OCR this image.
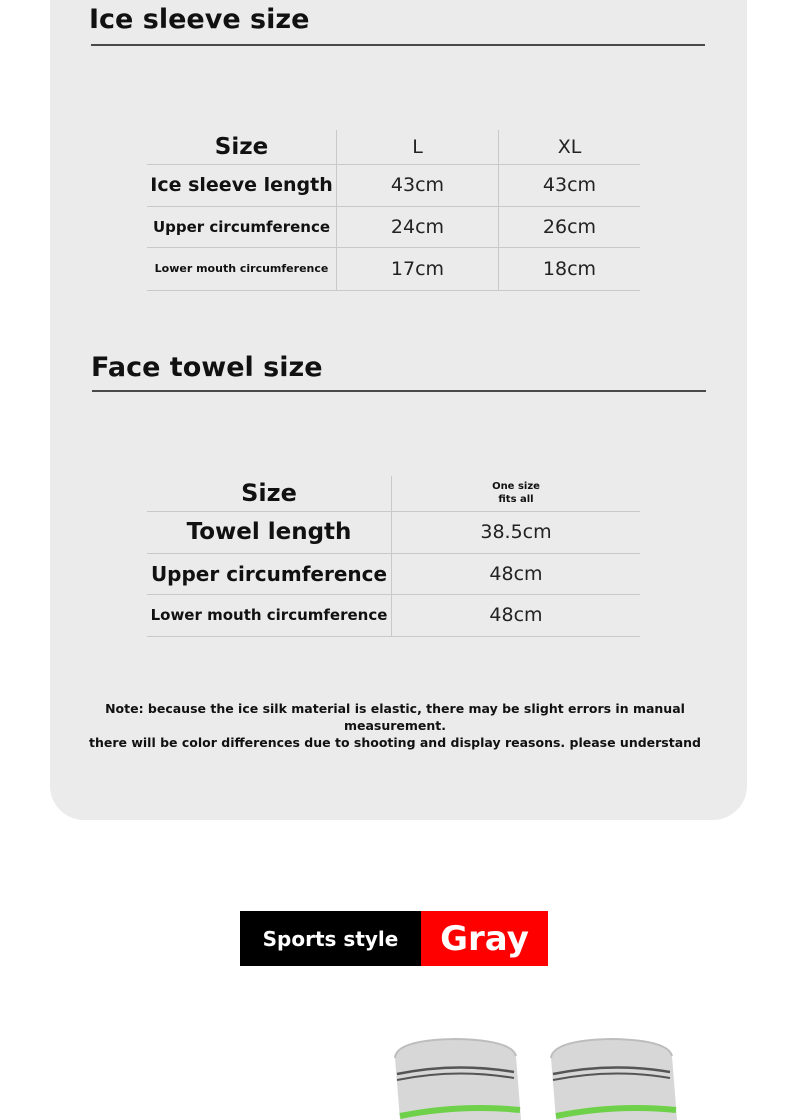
Ice sleeve size
Size	L	XL
Ice sleeve length	43cm	43cm
Upper circumference	24cm	26cm
Lower mouth circumference	17cm	18cm
Face towel size
Size	One size
fits all

Towel length	38.5cm
Upper circumference	48cm
Lower mouth circumference	48cm
Note: because the ice silk material is elastic, there may be slight errors in manual measurement.
there will be color differences due to shooting and display reasons. please understand
Sports style	Gray
